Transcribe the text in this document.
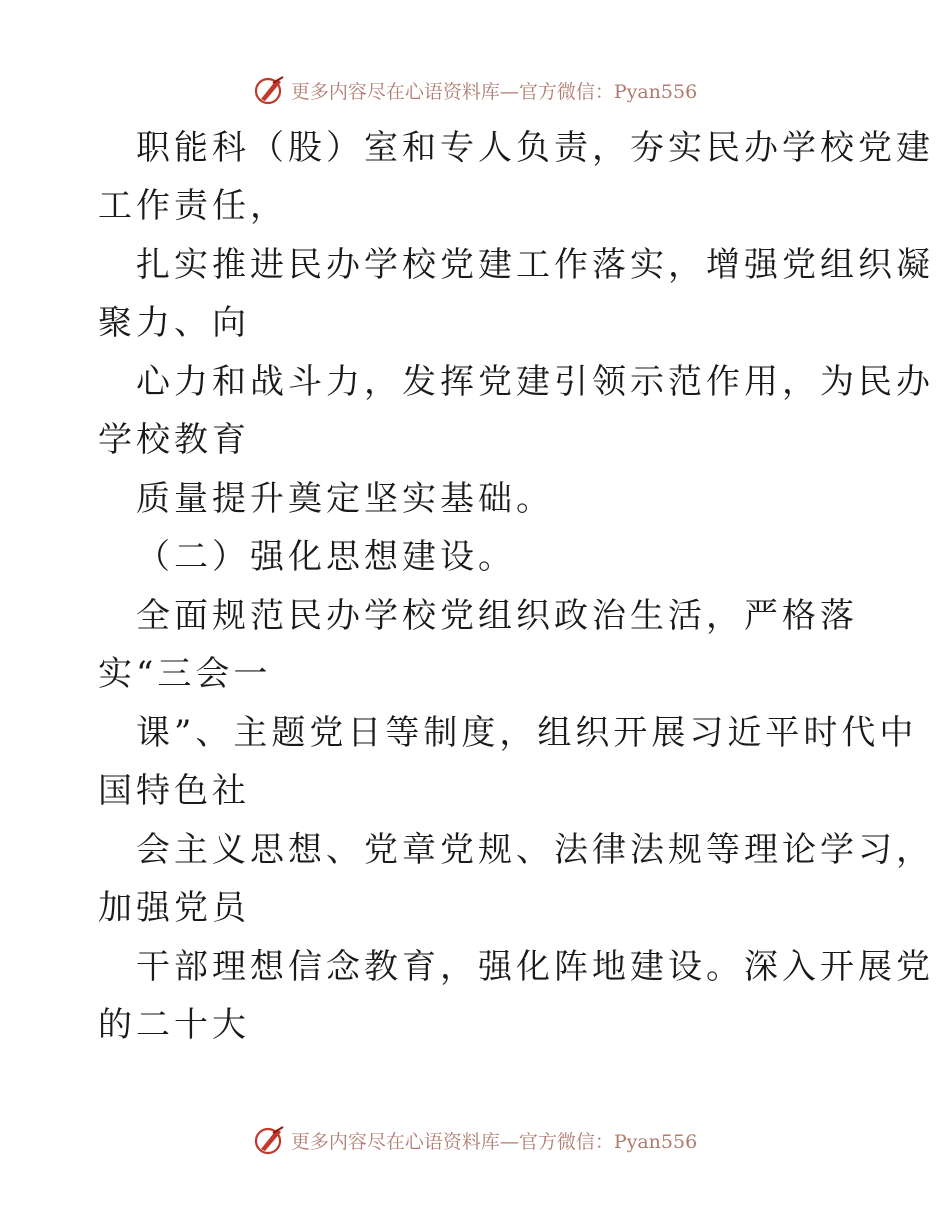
更多内容尽在心语资料库—官方微信：Pyan556
职能科（股）室和专人负责，夯实民办学校党建
工作责任，
扎实推进民办学校党建工作落实，增强党组织凝
聚力、向
心力和战斗力，发挥党建引领示范作用，为民办
学校教育
质量提升奠定坚实基础。
（二）强化思想建设。
全面规范民办学校党组织政治生活，严格落
实“三会一
课”、主题党日等制度，组织开展习近平时代中
国特色社
会主义思想、党章党规、法律法规等理论学习，
加强党员
干部理想信念教育，强化阵地建设。深入开展党
的二十大
更多内容尽在心语资料库—官方微信：Pyan556
